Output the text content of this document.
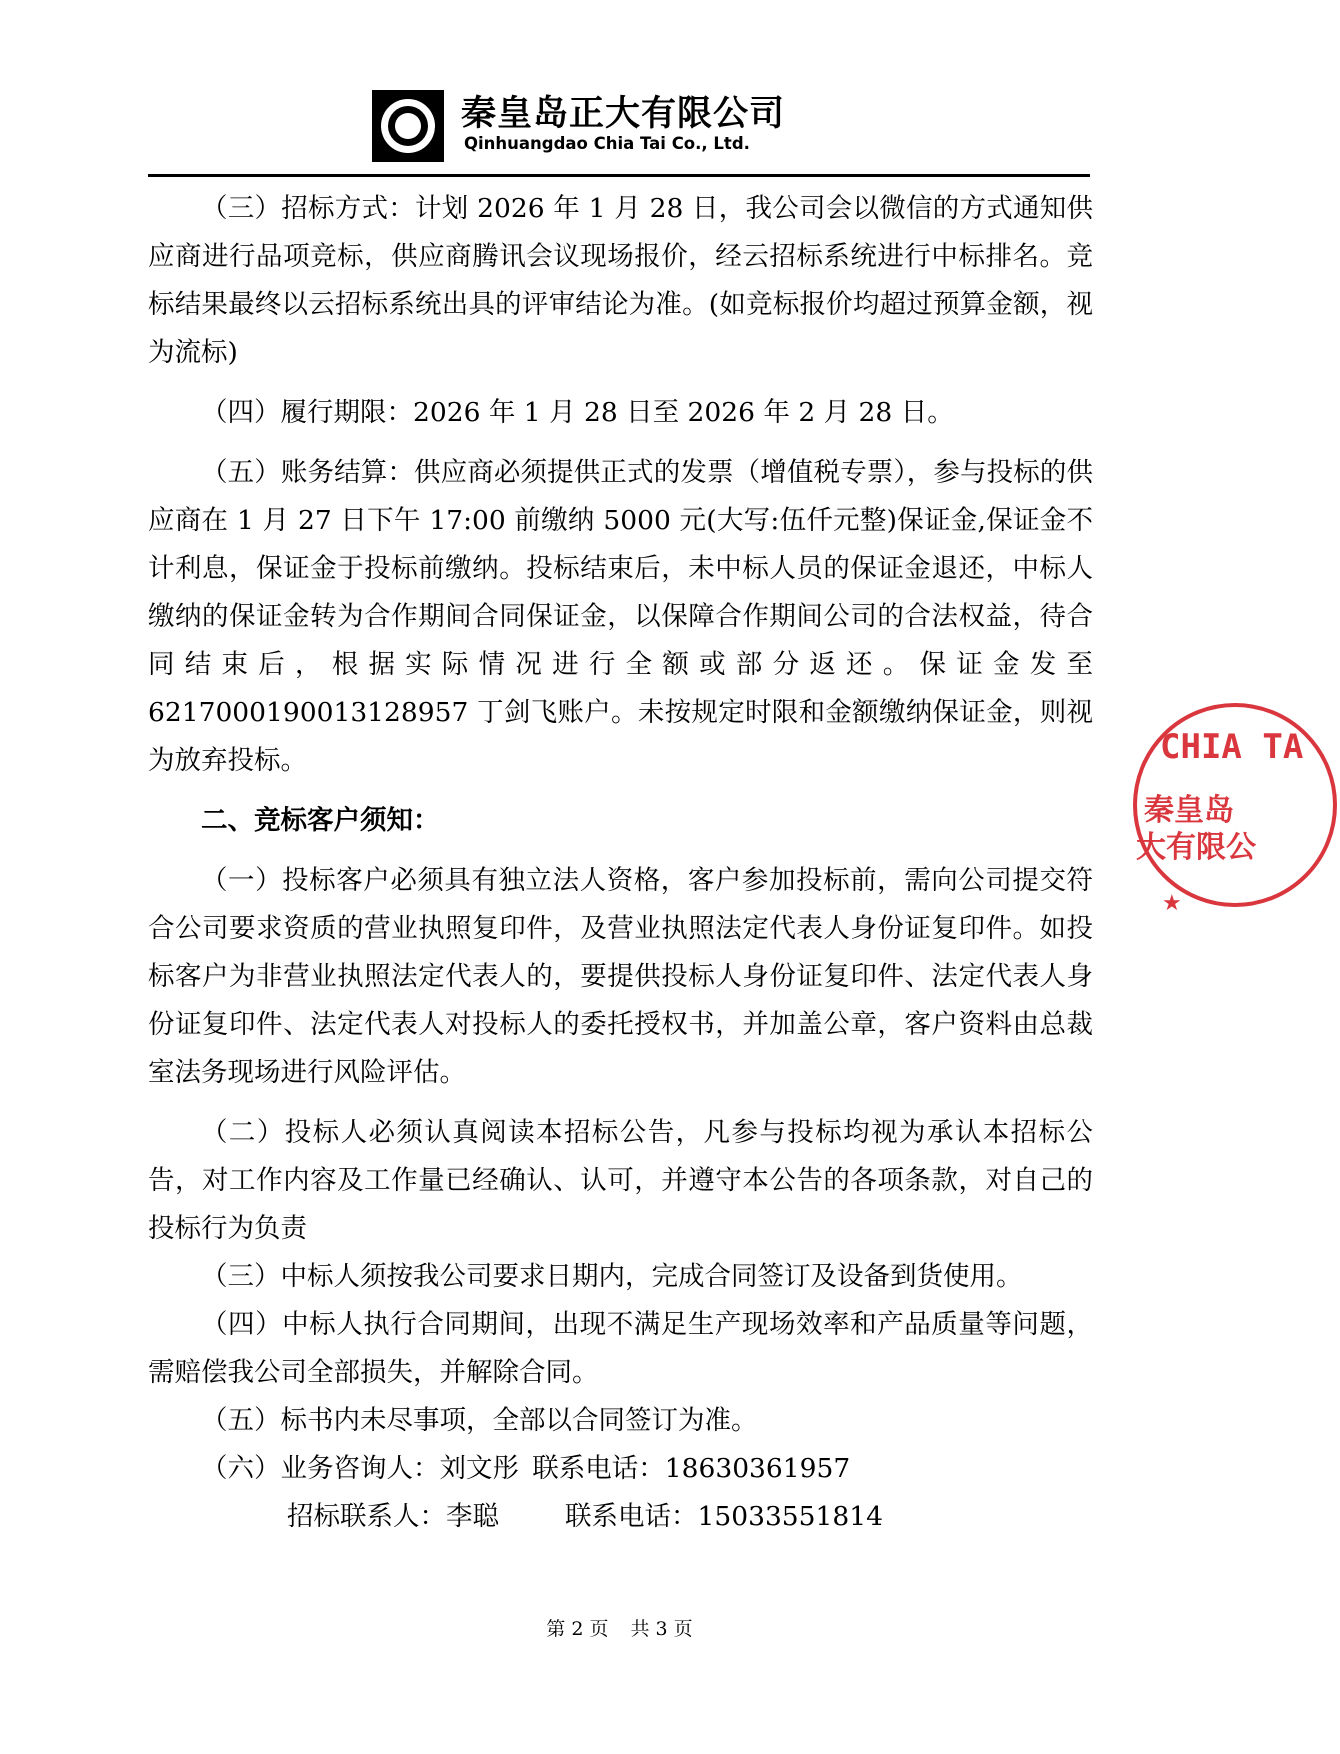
秦皇岛正大有限公司
Qinhuangdao Chia Tai Co., Ltd.

（三）招标方式：计划 2026 年 1 月 28 日，我公司会以微信的方式通知供应商进行品项竞标，供应商腾讯会议现场报价，经云招标系统进行中标排名。竞标结果最终以云招标系统出具的评审结论为准。(如竞标报价均超过预算金额，视为流标)

（四）履行期限：2026 年 1 月 28 日至 2026 年 2 月 28 日。

（五）账务结算：供应商必须提供正式的发票（增值税专票），参与投标的供应商在 1 月 27 日下午 17:00 前缴纳 5000 元(大写:伍仟元整)保证金,保证金不计利息，保证金于投标前缴纳。投标结束后，未中标人员的保证金退还，中标人缴纳的保证金转为合作期间合同保证金，以保障合作期间公司的合法权益，待合同结束后，根据实际情况进行全额或部分返还。保证金发至 6217000190013128957 丁剑飞账户。未按规定时限和金额缴纳保证金，则视为放弃投标。

二、竞标客户须知：

（一）投标客户必须具有独立法人资格，客户参加投标前，需向公司提交符合公司要求资质的营业执照复印件，及营业执照法定代表人身份证复印件。如投标客户为非营业执照法定代表人的，要提供投标人身份证复印件、法定代表人身份证复印件、法定代表人对投标人的委托授权书，并加盖公章，客户资料由总裁室法务现场进行风险评估。

（二）投标人必须认真阅读本招标公告，凡参与投标均视为承认本招标公告，对工作内容及工作量已经确认、认可，并遵守本公告的各项条款，对自己的投标行为负责

（三）中标人须按我公司要求日期内，完成合同签订及设备到货使用。

（四）中标人执行合同期间，出现不满足生产现场效率和产品质量等问题，需赔偿我公司全部损失，并解除合同。

（五）标书内未尽事项，全部以合同签订为准。

（六）业务咨询人：刘文彤  联系电话：18630361957

招标联系人：李聪 联系电话：15033551814

第 2 页 共 3 页
CHIA TA
秦皇岛
大有限公
★
